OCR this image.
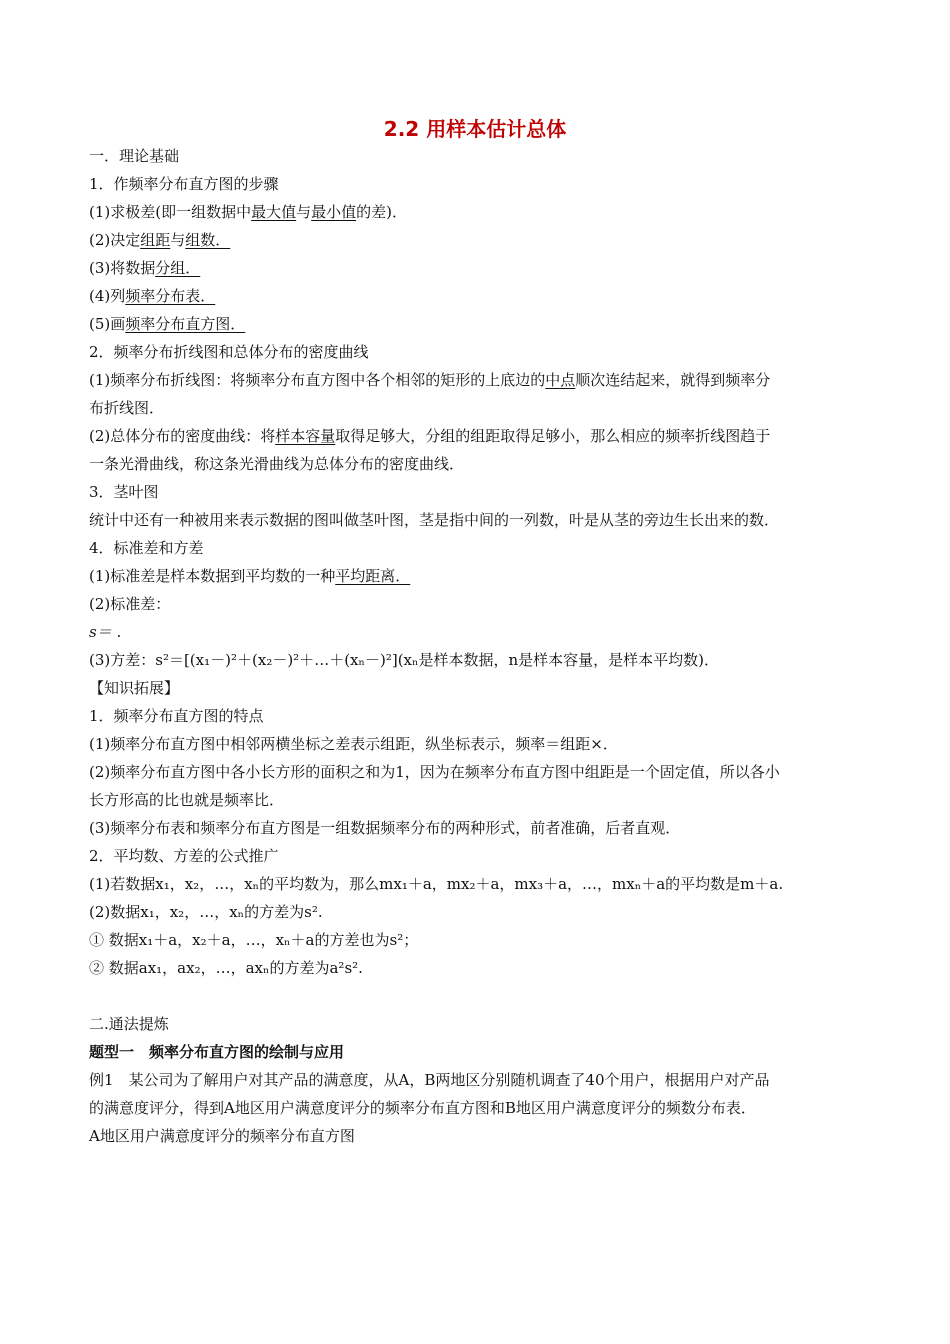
2.2 用样本估计总体
一．理论基础
1．作频率分布直方图的步骤
(1)求极差(即一组数据中最大值与最小值的差)．
(2)决定组距与组数．
(3)将数据分组．
(4)列频率分布表．
(5)画频率分布直方图．
2．频率分布折线图和总体分布的密度曲线
(1)频率分布折线图：将频率分布直方图中各个相邻的矩形的上底边的中点顺次连结起来，就得到频率分
布折线图．
(2)总体分布的密度曲线：将样本容量取得足够大，分组的组距取得足够小，那么相应的频率折线图趋于
一条光滑曲线，称这条光滑曲线为总体分布的密度曲线．
3．茎叶图
统计中还有一种被用来表示数据的图叫做茎叶图，茎是指中间的一列数，叶是从茎的旁边生长出来的数．
4．标准差和方差
(1)标准差是样本数据到平均数的一种平均距离．
(2)标准差：
s＝ .
(3)方差：s²＝[(x₁－)²＋(x₂－)²＋…＋(xₙ－)²](xₙ是样本数据，n是样本容量，是样本平均数)．
【知识拓展】
1．频率分布直方图的特点
(1)频率分布直方图中相邻两横坐标之差表示组距，纵坐标表示，频率＝组距×．
(2)频率分布直方图中各小长方形的面积之和为1，因为在频率分布直方图中组距是一个固定值，所以各小
长方形高的比也就是频率比．
(3)频率分布表和频率分布直方图是一组数据频率分布的两种形式，前者准确，后者直观．
2．平均数、方差的公式推广
(1)若数据x₁，x₂，…，xₙ的平均数为，那么mx₁＋a，mx₂＋a，mx₃＋a，…，mxₙ＋a的平均数是m＋a.
(2)数据x₁，x₂，…，xₙ的方差为s².
① 数据x₁＋a，x₂＋a，…，xₙ＋a的方差也为s²；
② 数据ax₁，ax₂，…，axₙ的方差为a²s².
二.通法提炼
题型一　频率分布直方图的绘制与应用
例1　某公司为了解用户对其产品的满意度，从A，B两地区分别随机调查了40个用户，根据用户对产品
的满意度评分，得到A地区用户满意度评分的频率分布直方图和B地区用户满意度评分的频数分布表．
A地区用户满意度评分的频率分布直方图
